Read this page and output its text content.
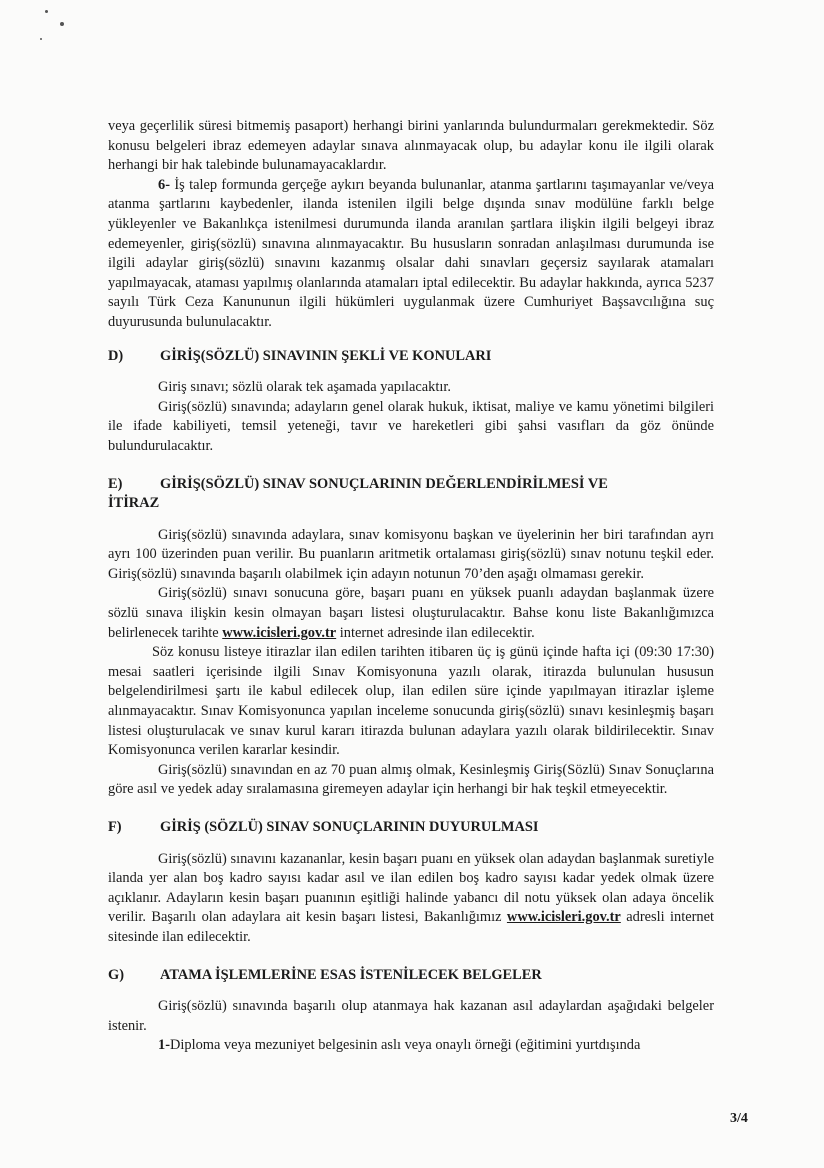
veya geçerlilik süresi bitmemiş pasaport) herhangi birini yanlarında bulundurmaları gerekmektedir. Söz konusu belgeleri ibraz edemeyen adaylar sınava alınmayacak olup, bu adaylar konu ile ilgili olarak herhangi bir hak talebinde bulunamayacaklardır.

6- İş talep formunda gerçeğe aykırı beyanda bulunanlar, atanma şartlarını taşımayanlar ve/veya atanma şartlarını kaybedenler, ilanda istenilen ilgili belge dışında sınav modülüne farklı belge yükleyenler ve Bakanlıkça istenilmesi durumunda ilanda aranılan şartlara ilişkin ilgili belgeyi ibraz edemeyenler, giriş(sözlü) sınavına alınmayacaktır. Bu hususların sonradan anlaşılması durumunda ise ilgili adaylar giriş(sözlü) sınavını kazanmış olsalar dahi sınavları geçersiz sayılarak atamaları yapılmayacak, ataması yapılmış olanlarında atamaları iptal edilecektir. Bu adaylar hakkında, ayrıca 5237 sayılı Türk Ceza Kanununun ilgili hükümleri uygulanmak üzere Cumhuriyet Başsavcılığına suç duyurusunda bulunulacaktır.

D)	GİRİŞ(SÖZLÜ) SINAVININ ŞEKLİ VE KONULARI

Giriş sınavı; sözlü olarak tek aşamada yapılacaktır.

Giriş(sözlü) sınavında; adayların genel olarak hukuk, iktisat, maliye ve kamu yönetimi bilgileri ile ifade kabiliyeti, temsil yeteneği, tavır ve hareketleri gibi şahsi vasıfları da göz önünde bulundurulacaktır.

E)	GİRİŞ(SÖZLÜ) SINAV SONUÇLARININ DEĞERLENDİRİLMESİ VE
İTİRAZ

Giriş(sözlü) sınavında adaylara, sınav komisyonu başkan ve üyelerinin her biri tarafından ayrı ayrı 100 üzerinden puan verilir. Bu puanların aritmetik ortalaması giriş(sözlü) sınav notunu teşkil eder. Giriş(sözlü) sınavında başarılı olabilmek için adayın notunun 70’den aşağı olmaması gerekir.

Giriş(sözlü) sınavı sonucuna göre, başarı puanı en yüksek puanlı adaydan başlanmak üzere sözlü sınava ilişkin kesin olmayan başarı listesi oluşturulacaktır. Bahse konu liste Bakanlığımızca belirlenecek tarihte www.icisleri.gov.tr internet adresinde ilan edilecektir.

Söz konusu listeye itirazlar ilan edilen tarihten itibaren üç iş günü içinde hafta içi (09:30 17:30) mesai saatleri içerisinde ilgili Sınav Komisyonuna yazılı olarak, itirazda bulunulan hususun belgelendirilmesi şartı ile kabul edilecek olup, ilan edilen süre içinde yapılmayan itirazlar işleme alınmayacaktır. Sınav Komisyonunca yapılan inceleme sonucunda giriş(sözlü) sınavı kesinleşmiş başarı listesi oluşturulacak ve sınav kurul kararı itirazda bulunan adaylara yazılı olarak bildirilecektir. Sınav Komisyonunca verilen kararlar kesindir.

Giriş(sözlü) sınavından en az 70 puan almış olmak, Kesinleşmiş Giriş(Sözlü) Sınav Sonuçlarına göre asıl ve yedek aday sıralamasına giremeyen adaylar için herhangi bir hak teşkil etmeyecektir.

F)	GİRİŞ (SÖZLÜ) SINAV SONUÇLARININ DUYURULMASI

Giriş(sözlü) sınavını kazananlar, kesin başarı puanı en yüksek olan adaydan başlanmak suretiyle ilanda yer alan boş kadro sayısı kadar asıl ve ilan edilen boş kadro sayısı kadar yedek olmak üzere açıklanır. Adayların kesin başarı puanının eşitliği halinde yabancı dil notu yüksek olan adaya öncelik verilir. Başarılı olan adaylara ait kesin başarı listesi, Bakanlığımız www.icisleri.gov.tr adresli internet sitesinde ilan edilecektir.

G)	ATAMA İŞLEMLERİNE ESAS İSTENİLECEK BELGELER

Giriş(sözlü) sınavında başarılı olup atanmaya hak kazanan asıl adaylardan aşağıdaki belgeler istenir.

1-Diploma veya mezuniyet belgesinin aslı veya onaylı örneği (eğitimini yurtdışında

3/4
